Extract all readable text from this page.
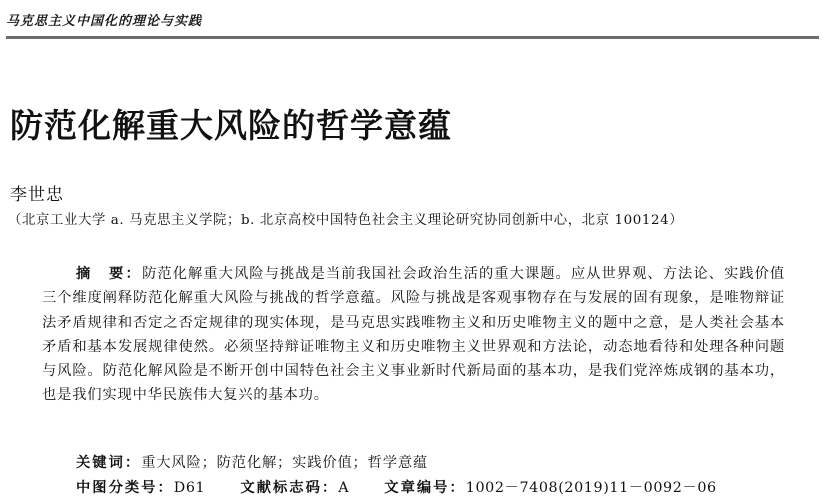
马克思主义中国化的理论与实践
防范化解重大风险的哲学意蕴
李世忠
（北京工业大学 a. 马克思主义学院；b. 北京高校中国特色社会主义理论研究协同创新中心，北京 100124）

摘　要：防范化解重大风险与挑战是当前我国社会政治生活的重大课题。应从世界观、方法论、实践价值三个维度阐释防范化解重大风险与挑战的哲学意蕴。风险与挑战是客观事物存在与发展的固有现象，是唯物辩证法矛盾规律和否定之否定规律的现实体现，是马克思实践唯物主义和历史唯物主义的题中之意，是人类社会基本矛盾和基本发展规律使然。必须坚持辩证唯物主义和历史唯物主义世界观和方法论，动态地看待和处理各种问题与风险。防范化解风险是不断开创中国特色社会主义事业新时代新局面的基本功，是我们党淬炼成钢的基本功，也是我们实现中华民族伟大复兴的基本功。

关键词：重大风险；防范化解；实践价值；哲学意蕴
中图分类号：D61 文献标志码：A 文章编号：1002－7408(2019)11－0092－06
